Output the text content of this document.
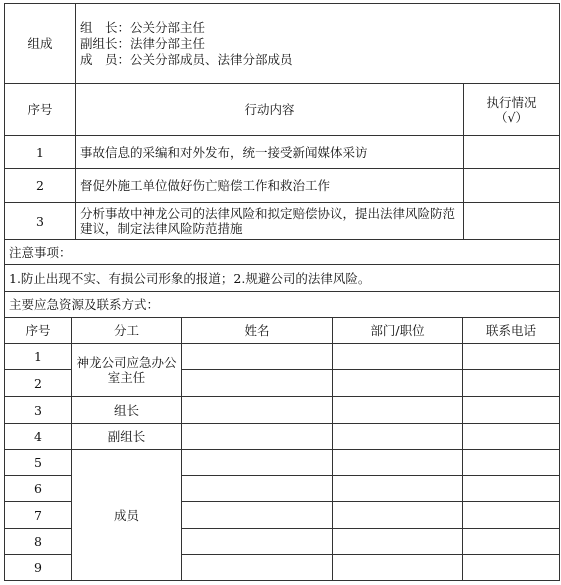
组成	组　长：公关分部主任
副组长：法律分部主任
成　员：公关分部成员、法律分部成员	

序号	行动内容	执行情况
（√）
1	事故信息的采编和对外发布，统一接受新闻媒体采访	
2	督促外施工单位做好伤亡赔偿工作和救治工作	
3	分析事故中神龙公司的法律风险和拟定赔偿协议，提出法律风险防范建议，制定法律风险防范措施	
注意事项：		
1.防止出现不实、有损公司形象的报道；2.规避公司的法律风险。		
主要应急资源及联系方式：		
序号	分工	姓名	部门/职位	联系电话
1	神龙公司应急办公室主任			
2				
3	组长			
4	副组长			
5	成员			
6				
7				
8				
9				
